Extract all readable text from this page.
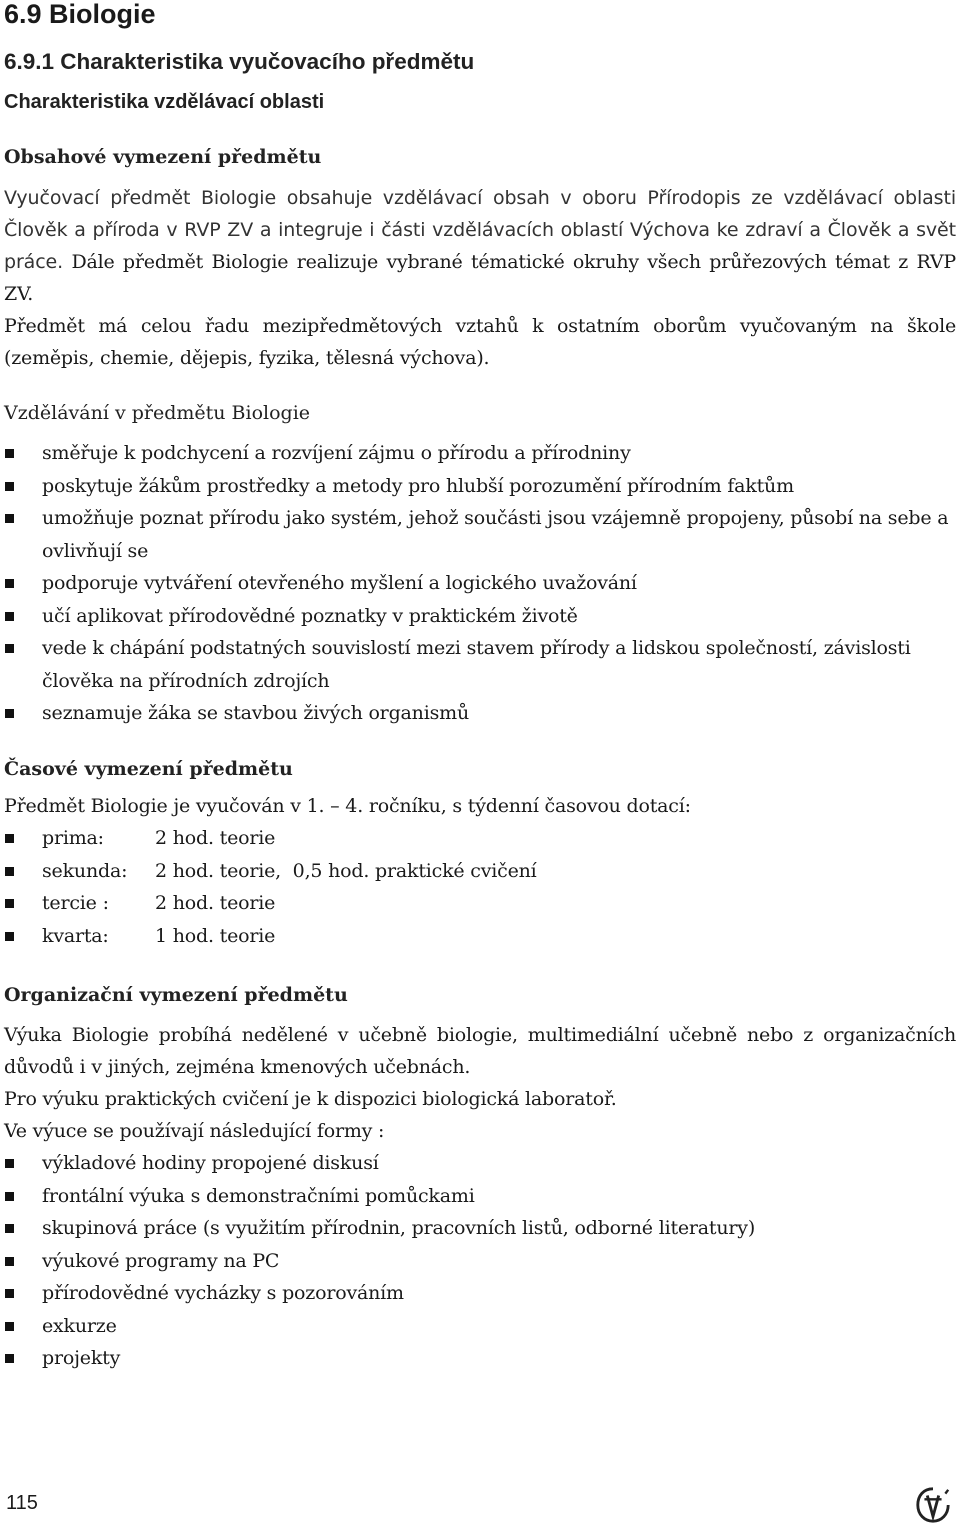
6.9 Biologie
6.9.1 Charakteristika vyučovacího předmětu
Charakteristika vzdělávací oblasti

Obsahové vymezení předmětu

Vyučovací předmět Biologie obsahuje vzdělávací obsah v oboru Přírodopis ze vzdělávací oblasti Člověk a příroda v RVP ZV a integruje i části vzdělávacích oblastí Výchova ke zdraví a Člověk a svět práce. Dále předmět Biologie realizuje vybrané tématické okruhy všech průřezových témat z RVP ZV.

Předmět má celou řadu mezipředmětových vztahů k ostatním oborům vyučovaným na škole (zeměpis, chemie, dějepis, fyzika, tělesná výchova).

Vzdělávání v předmětu Biologie

směřuje k podchycení a rozvíjení zájmu o přírodu a přírodniny
poskytuje žákům prostředky a metody pro hlubší porozumění přírodním faktům
umožňuje poznat přírodu jako systém, jehož součásti jsou vzájemně propojeny, působí na sebe a ovlivňují se
podporuje vytváření otevřeného myšlení a logického uvažování
učí aplikovat přírodovědné poznatky v praktickém životě
vede k chápání podstatných souvislostí mezi stavem přírody a lidskou společností, závislosti člověka na přírodních zdrojích
seznamuje žáka se stavbou živých organismů

Časové vymezení předmětu

Předmět Biologie je vyučován v 1. – 4. ročníku, s týdenní časovou dotací:

prima:	2 hod. teorie
sekunda: 2 hod. teorie,  0,5 hod. praktické cvičení
tercie : 2 hod. teorie
kvarta: 1 hod. teorie

Organizační vymezení předmětu

Výuka Biologie probíhá nedělené v učebně biologie, multimediální učebně nebo z organizačních důvodů i v jiných, zejména kmenových učebnách.

Pro výuku praktických cvičení je k dispozici biologická laboratoř.

Ve výuce se používají následující formy :

výkladové hodiny propojené diskusí
frontální výuka s demonstračními pomůckami
skupinová práce (s využitím přírodnin, pracovních listů, odborné literatury)
výukové programy na PC
přírodovědné vycházky s pozorováním
exkurze
projekty
115
